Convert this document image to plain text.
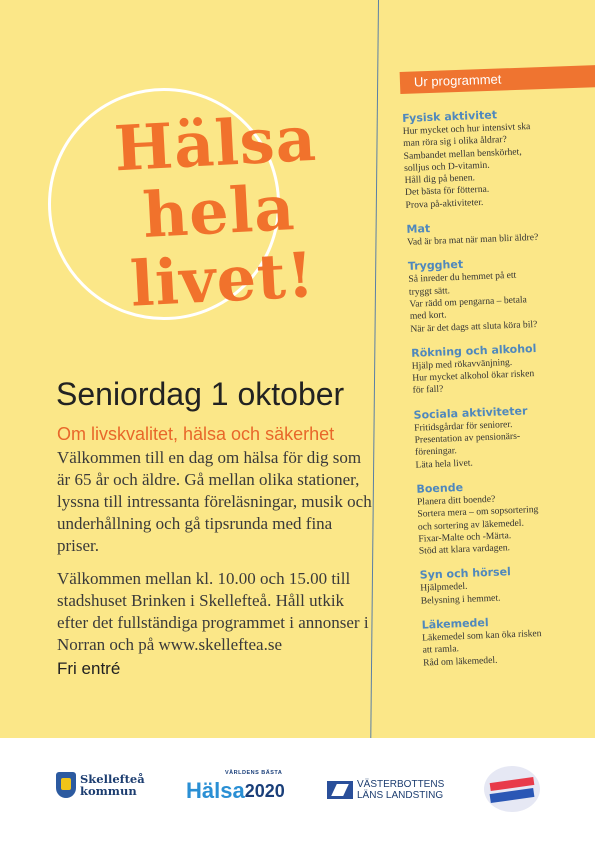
Hälsa
hela
livet!
Seniordag 1 oktober
Om livskvalitet, hälsa och säkerhet
Välkommen till en dag om hälsa för dig som är 65 år och äldre. Gå mellan olika stationer, lyssna till intressanta föreläsningar, musik och underhållning och gå tipsrunda med fina priser.
Välkommen mellan kl. 10.00 och 15.00 till stadshuset Brinken i Skellefteå. Håll utkik efter det fullständiga programmet i annonser i Norran och på www.skelleftea.se
Fri entré
Ur programmet
Fysisk aktivitet
Hur mycket och hur intensivt ska
man röra sig i olika åldrar?
Sambandet mellan benskörhet,
solljus och D-vitamin.
Håll dig på benen.
Det bästa för fötterna.
Prova på-aktiviteter.
Mat
Vad är bra mat när man blir äldre?
Trygghet
Så inreder du hemmet på ett
tryggt sätt.
Var rädd om pengarna – betala
med kort.
När är det dags att sluta köra bil?
Rökning och alkohol
Hjälp med rökavvänjning.
Hur mycket alkohol ökar risken
för fall?
Sociala aktiviteter
Fritidsgårdar för seniorer.
Presentation av pensionärs-
föreningar.
Läta hela livet.
Boende
Planera ditt boende?
Sortera mera – om sopsortering
och sortering av läkemedel.
Fixar-Malte och -Märta.
Stöd att klara vardagen.
Syn och hörsel
Hjälpmedel.
Belysning i hemmet.
Läkemedel
Läkemedel som kan öka risken
att ramla.
Råd om läkemedel.
Skellefteå
kommun
VÄRLDENS BÄSTA
Hälsa 2020	VÄSTERBOTTENS
LÄNS LANDSTING
